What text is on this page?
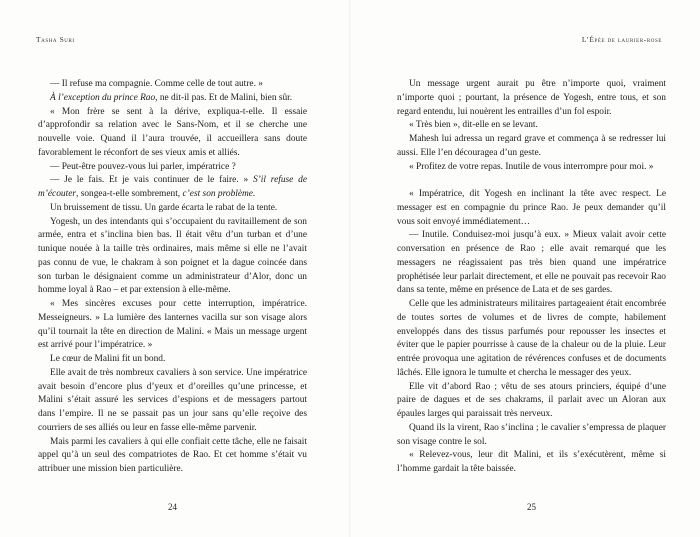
Tasha Suri

— Il refuse ma compagnie. Comme celle de tout autre. »

À l’exception du prince Rao, ne dit-il pas. Et de Malini, bien sûr.

« Mon frère se sent à la dérive, expliqua-t-elle. Il essaie d’approfondir sa relation avec le Sans-Nom, et il se cherche une nouvelle voie. Quand il l’aura trouvée, il accueillera sans doute favorablement le réconfort de ses vieux amis et alliés.

— Peut-être pouvez-vous lui parler, impératrice ?

— Je le fais. Et je vais continuer de le faire. » S’il refuse de m’écouter, songea-t-elle sombrement, c’est son problème.

Un bruissement de tissu. Un garde écarta le rabat de la tente.

Yogesh, un des intendants qui s’occupaient du ravitaillement de son armée, entra et s’inclina bien bas. Il était vêtu d’un turban et d’une tunique nouée à la taille très ordinaires, mais même si elle ne l’avait pas connu de vue, le chakram à son poignet et la dague coincée dans son turban le désignaient comme un administrateur d’Alor, donc un homme loyal à Rao – et par extension à elle-même.

« Mes sincères excuses pour cette interruption, impératrice. Messeigneurs. » La lumière des lanternes vacilla sur son visage alors qu’il tournait la tête en direction de Malini. « Mais un message urgent est arrivé pour l’impératrice. »

Le cœur de Malini fit un bond.

Elle avait de très nombreux cavaliers à son service. Une impératrice avait besoin d’encore plus d’yeux et d’oreilles qu’une princesse, et Malini s’était assuré les services d’espions et de messagers partout dans l’empire. Il ne se passait pas un jour sans qu’elle reçoive des courriers de ses alliés ou leur en fasse elle-même parvenir.

Mais parmi les cavaliers à qui elle confiait cette tâche, elle ne faisait appel qu’à un seul des compatriotes de Rao. Et cet homme s’était vu attribuer une mission bien particulière.

24
L’Épée de laurier-rose

Un message urgent aurait pu être n’importe quoi, vraiment n’importe quoi ; pourtant, la présence de Yogesh, entre tous, et son regard entendu, lui nouèrent les entrailles d’un fol espoir.

« Très bien », dit-elle en se levant.

Mahesh lui adressa un regard grave et commença à se redresser lui aussi. Elle l’en découragea d’un geste.

« Profitez de votre repas. Inutile de vous interrompre pour moi. »

« Impératrice, dit Yogesh en inclinant la tête avec respect. Le messager est en compagnie du prince Rao. Je peux demander qu’il vous soit envoyé immédiatement…

— Inutile. Conduisez-moi jusqu’à eux. » Mieux valait avoir cette conversation en présence de Rao ; elle avait remarqué que les messagers ne réagissaient pas très bien quand une impératrice prophétisée leur parlait directement, et elle ne pouvait pas recevoir Rao dans sa tente, même en présence de Lata et de ses gardes.

Celle que les administrateurs militaires partageaient était encombrée de toutes sortes de volumes et de livres de compte, habilement enveloppés dans des tissus parfumés pour repousser les insectes et éviter que le papier pourrisse à cause de la chaleur ou de la pluie. Leur entrée provoqua une agitation de révérences confuses et de documents lâchés. Elle ignora le tumulte et chercha le messager des yeux.

Elle vit d’abord Rao ; vêtu de ses atours princiers, équipé d’une paire de dagues et de ses chakrams, il parlait avec un Aloran aux épaules larges qui paraissait très nerveux.

Quand ils la virent, Rao s’inclina ; le cavalier s’empressa de plaquer son visage contre le sol.

« Relevez-vous, leur dit Malini, et ils s’exécutèrent, même si l’homme gardait la tête baissée.

25
